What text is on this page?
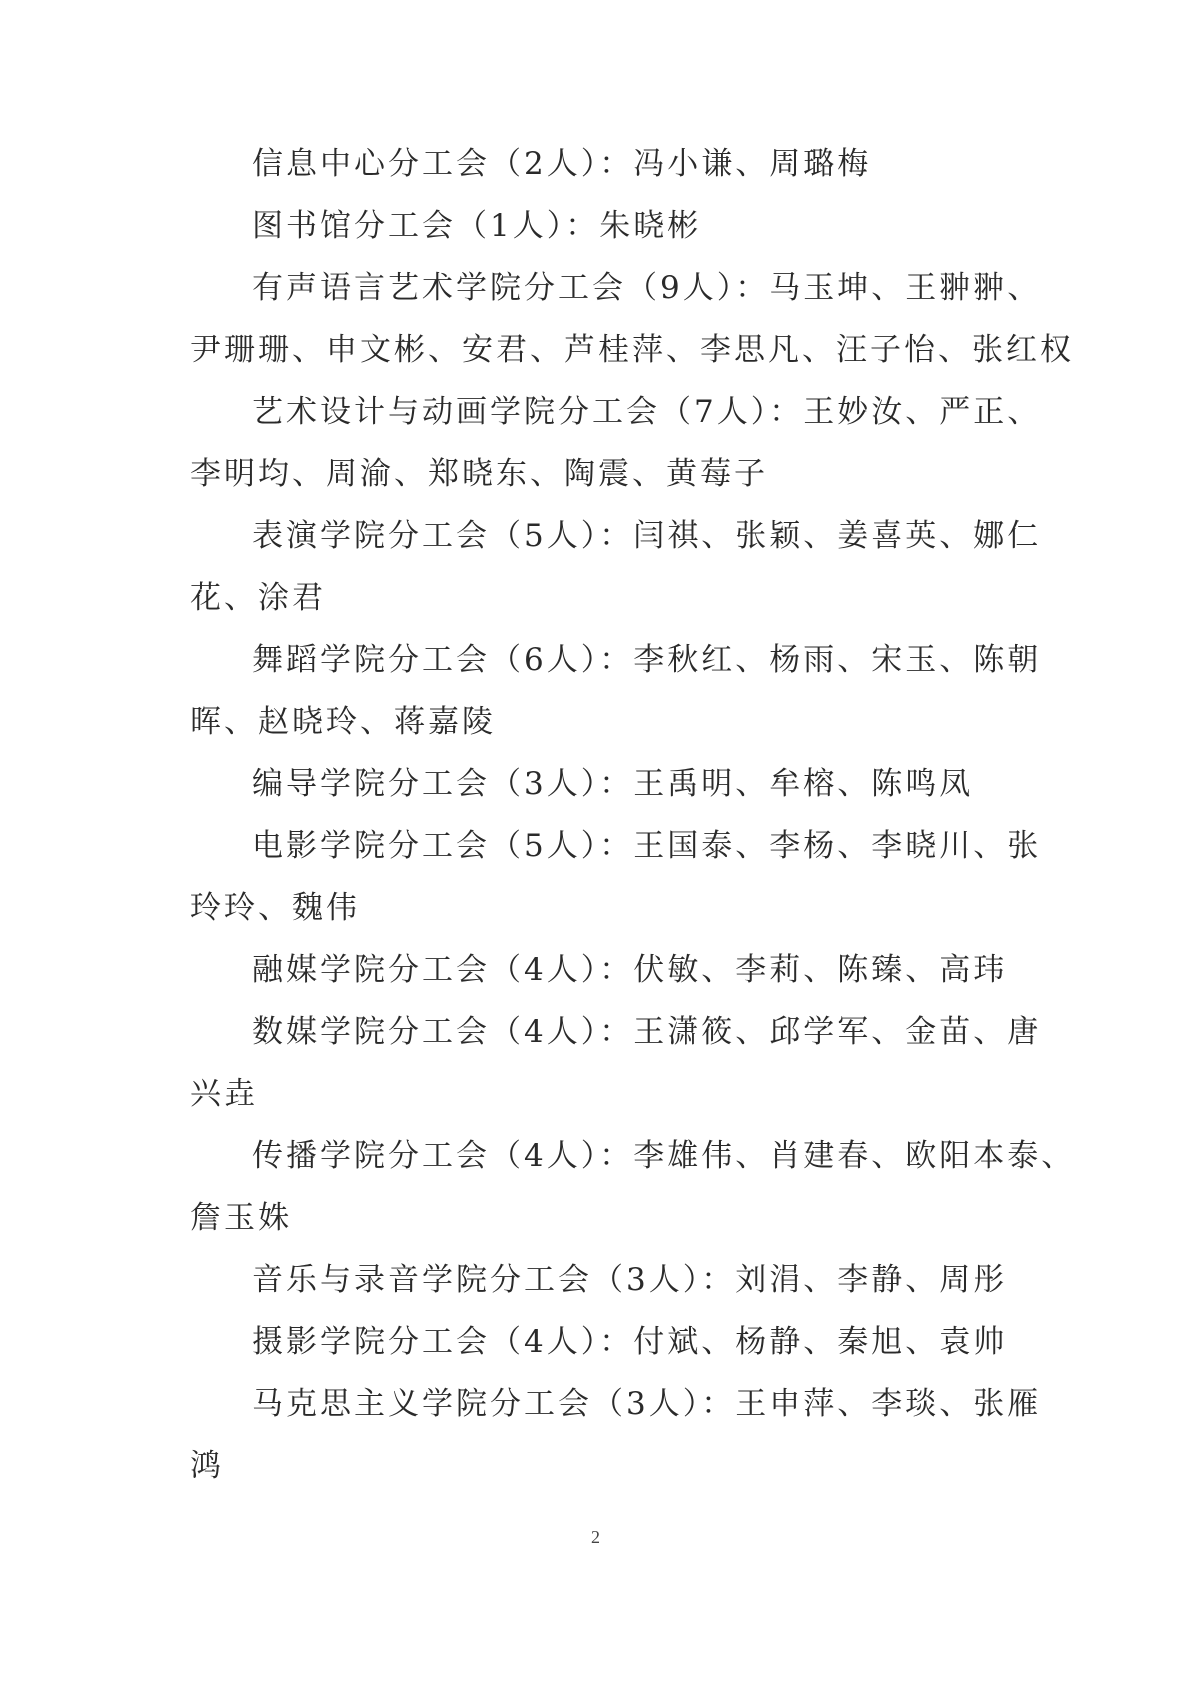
信息中心分工会（2人）：冯小谦、周璐梅
图书馆分工会（1人）：朱晓彬
有声语言艺术学院分工会（9人）：马玉坤、王翀翀、
尹珊珊、申文彬、安君、芦桂萍、李思凡、汪子怡、张红权
艺术设计与动画学院分工会（7人）：王妙汝、严正、
李明均、周渝、郑晓东、陶震、黄莓子
表演学院分工会（5人）：闫祺、张颖、姜喜英、娜仁
花、涂君
舞蹈学院分工会（6人）：李秋红、杨雨、宋玉、陈朝
晖、赵晓玲、蒋嘉陵
编导学院分工会（3人）：王禹明、牟榕、陈鸣凤
电影学院分工会（5人）：王国泰、李杨、李晓川、张
玲玲、魏伟
融媒学院分工会（4人）：伏敏、李莉、陈臻、高玮
数媒学院分工会（4人）：王潇筱、邱学军、金苗、唐
兴垚
传播学院分工会（4人）：李雄伟、肖建春、欧阳本泰、
詹玉姝
音乐与录音学院分工会（3人）：刘涓、李静、周彤
摄影学院分工会（4人）：付斌、杨静、秦旭、袁帅
马克思主义学院分工会（3人）：王申萍、李琰、张雁
鸿
2
